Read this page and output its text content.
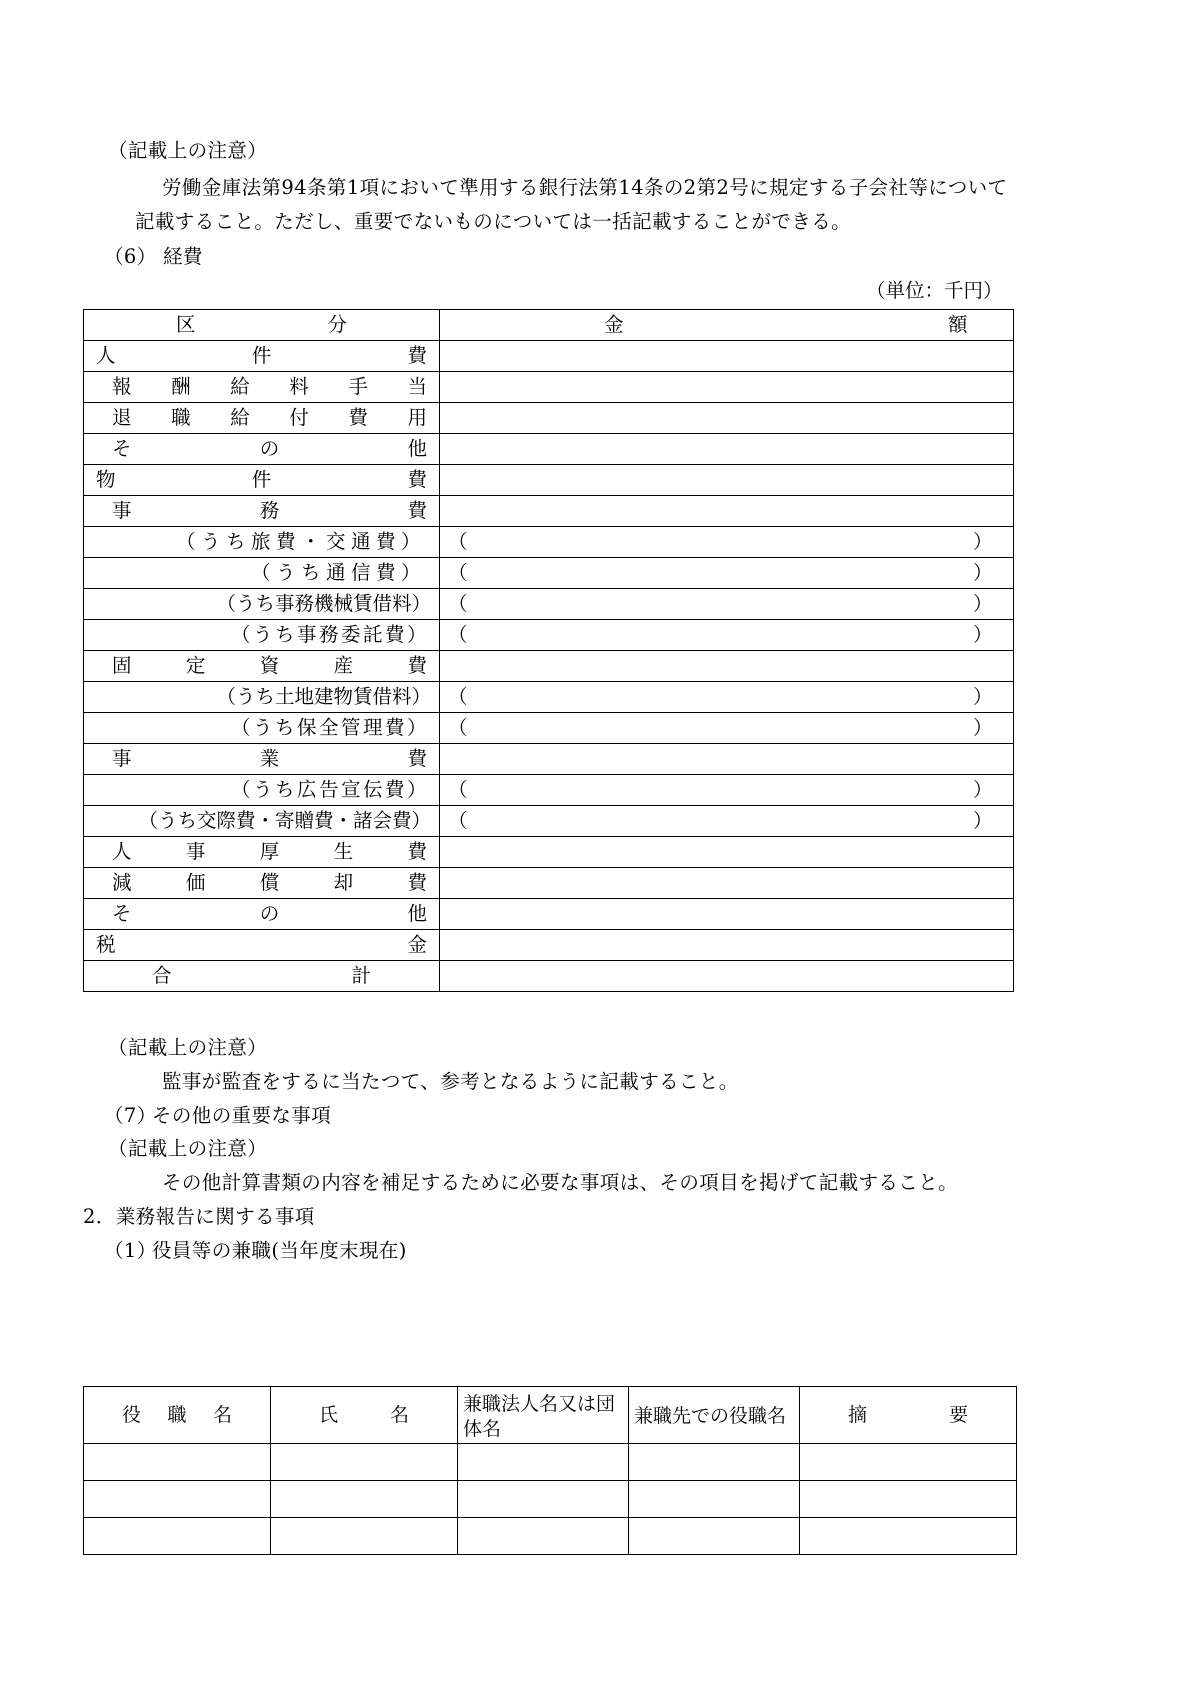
（記載上の注意）
労働金庫法第94条第1項において準用する銀行法第14条の2第2号に規定する子会社等について
記載すること。ただし、重要でないものについては一括記載することができる。
（6） 経費
（単位：千円）
区分	金 額

人件費	

報酬給料手当	

退職給付費用	

その他	

物件費	

事務費	

（うち旅費・交通費）	（ ）

（うち通信費）	（ ）

（うち事務機械賃借料）	（ ）

（うち事務委託費）	（ ）

固定資産費	

（うち土地建物賃借料）	（ ）

（うち保全管理費）	（ ）

事業費	

（うち広告宣伝費）	（ ）

（うち交際費・寄贈費・諸会費）	（ ）

人事厚生費	

減価償却費	

その他	

税金	

合計	

（記載上の注意）
監事が監査をするに当たつて、参考となるように記載すること。
（7）
その他の重要な事項
（記載上の注意）
その他計算書類の内容を補足するために必要な事項は、その項目を掲げて記載すること。
2．業務報告に関する事項
（1）
役員等の兼職(当年度末現在)
役職名	氏名	兼職法人名又は団体名	兼職先での役職名	摘要
